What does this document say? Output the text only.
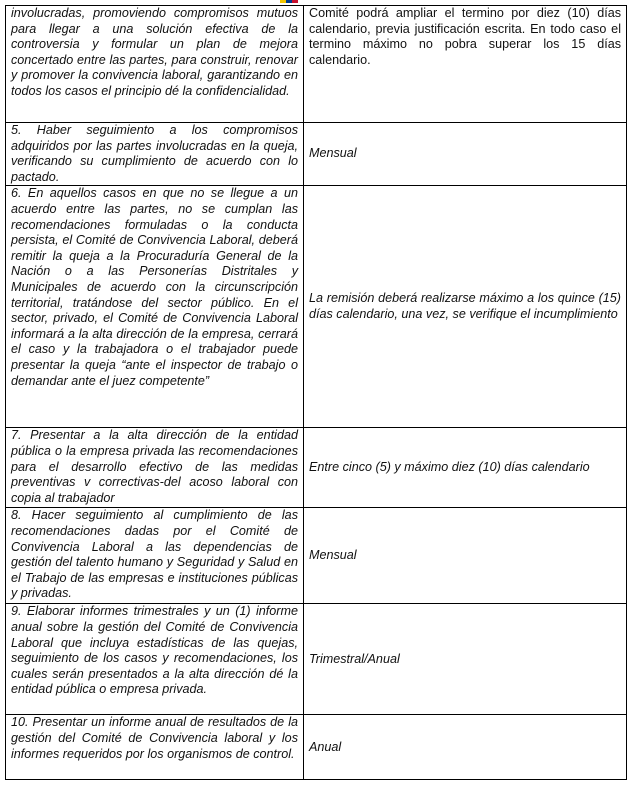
involucradas, promoviendo compromisos mutuos para llegar a una solución efectiva de la controversia y formular un plan de mejora concertado entre las partes, para construir, renovar y promover la convivencia laboral, garantizando en todos los casos el principio dé la confidencialidad.	Comité podrá ampliar el termino por diez (10) días calendario, previa justificación escrita. En todo caso el termino máximo no pobra superar los 15 días calendario.
5. Haber seguimiento a los compromisos adquiridos por las partes involucradas en la queja, verificando su cumplimiento de acuerdo con lo pactado.	Mensual
6. En aquellos casos en que no se llegue a un acuerdo entre las partes, no se cumplan las recomendaciones formuladas o la conducta persista, el Comité de Convivencia Laboral, deberá remitir la queja a la Procuraduría General de la Nación o a las Personerías Distritales y Municipales de acuerdo con la circunscripción territorial, tratándose del sector público. En el sector, privado, el Comité de Convivencia Laboral informará a la alta dirección de la empresa, cerrará el caso y la trabajadora o el trabajador puede presentar la queja “ante el inspector de trabajo o demandar ante el juez competente”	La remisión deberá realizarse máximo a los quince (15) días calendario, una vez, se verifique el incumplimiento
7. Presentar a la alta dirección de la entidad pública o la empresa privada las recomendaciones para el desarrollo efectivo de las medidas preventivas v correctivas-del acoso laboral con copia al trabajador	Entre cinco (5) y máximo diez (10) días calendario
8. Hacer seguimiento al cumplimiento de las recomendaciones dadas por el Comité de Convivencia Laboral a las dependencias de gestión del talento humano y Seguridad y Salud en el Trabajo de las empresas e instituciones públicas y privadas.	Mensual
9. Elaborar informes trimestrales y un (1) informe anual sobre la gestión del Comité de Convivencia Laboral que incluya estadísticas de las quejas, seguimiento de los casos y recomendaciones, los cuales serán presentados a la alta dirección dé la entidad pública o empresa privada.	Trimestral/Anual
10. Presentar un informe anual de resultados de la gestión del Comité de Convivencia laboral y los informes requeridos por los organismos de control.	Anual
